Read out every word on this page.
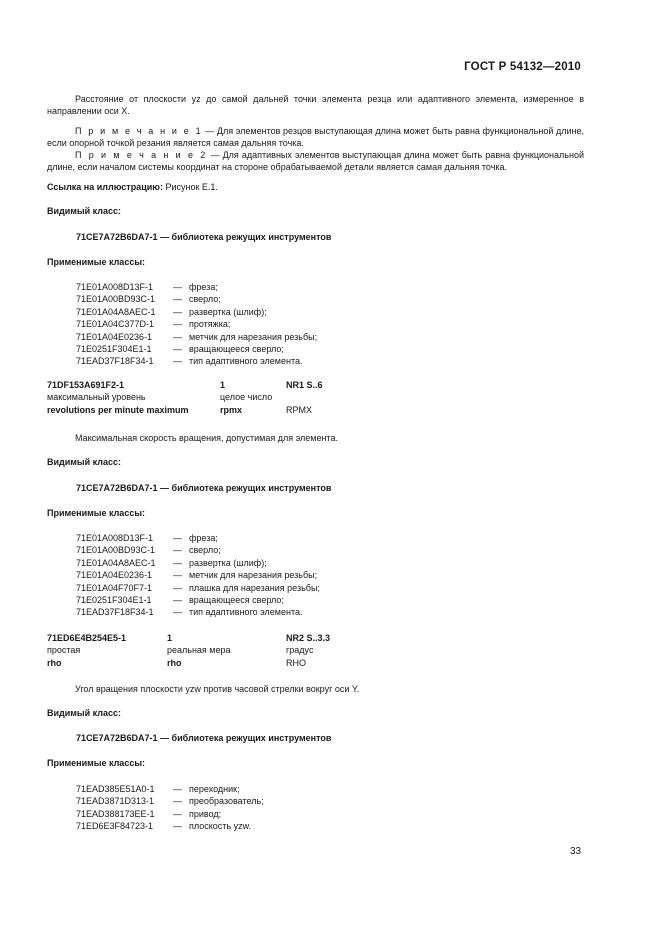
ГОСТ Р 54132—2010
Расстояние от плоскости yz до самой дальней точки элемента резца или адаптивного элемента, измеренное в направлении оси X.
П р и м е ч а н и е 1 — Для элементов резцов выступающая длина может быть равна функциональной длине, если опорной точкой резания является самая дальняя точка.
П р и м е ч а н и е 2 — Для адаптивных элементов выступающая длина может быть равна функциональной длине, если началом системы координат на стороне обрабатываемой детали является самая дальняя точка.
Ссылка на иллюстрацию: Рисунок E.1.
Видимый класс:
71CE7A72B6DA7-1 — библиотека режущих инструментов
Применимые классы:
71E01A008D13F-1	— фреза;
71E01A00BD93C-1	— сверло;
71E01A04A8AEC-1	— развертка (шлиф);
71E01A04C377D-1	— протяжка;
71E01A04E0236-1	— метчик для нарезания резьбы;
71E0251F304E1-1	— вращающееся сверло;
71EAD37F18F34-1	— тип адаптивного элемента.
71DF153A691F2-1	1	NR1 S..6
максимальный уровень	целое число
revolutions per minute maximum	rpmx	RPMX
Максимальная скорость вращения, допустимая для элемента.
Видимый класс:
71CE7A72B6DA7-1 — библиотека режущих инструментов
Применимые классы:
71E01A008D13F-1	— фреза;
71E01A00BD93C-1	— сверло;
71E01A04A8AEC-1	— развертка (шлиф);
71E01A04E0236-1	— метчик для нарезания резьбы;
71E01A04F70F7-1	— плашка для нарезания резьбы;
71E0251F304E1-1	— вращающееся сверло;
71EAD37F18F34-1	— тип адаптивного элемента.
71ED6E4B254E5-1	1	NR2 S..3.3
простая	реальная мера	градус
rho	rho	RHO
Угол вращения плоскости yzw против часовой стрелки вокруг оси Y.
Видимый класс:
71CE7A72B6DA7-1 — библиотека режущих инструментов
Применимые классы:
71EAD385E51A0-1	— переходник;
71EAD3871D313-1	— преобразователь;
71EAD388173EE-1	— привод;
71ED6E3F84723-1	— плоскость yzw.
33
